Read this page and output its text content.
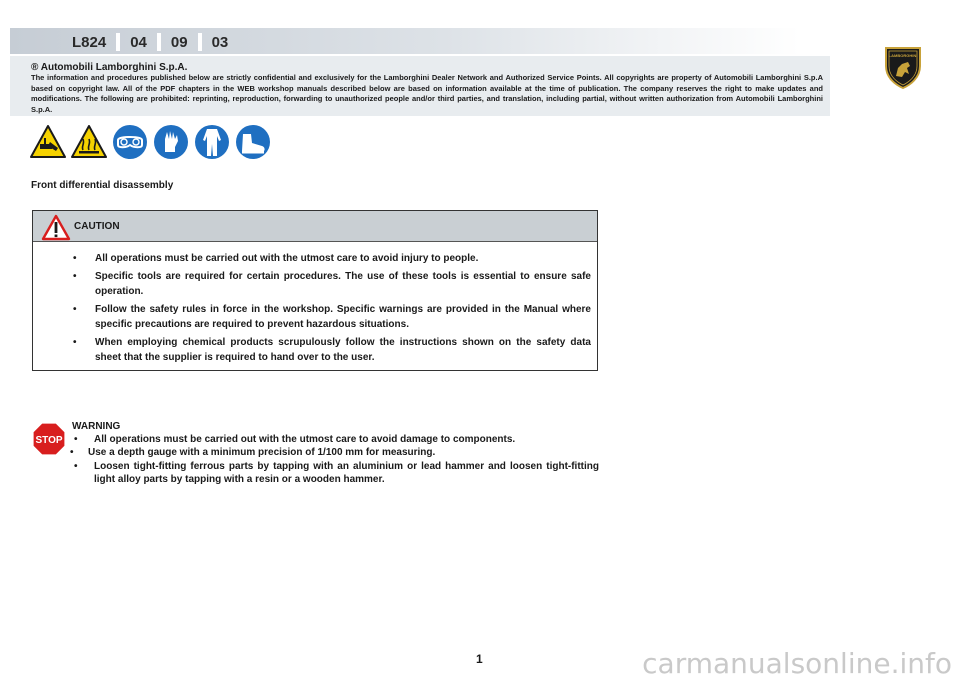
L824	04	09	03
® Automobili Lamborghini S.p.A.
The information and procedures published below are strictly confidential and exclusively for the Lamborghini Dealer Network and Authorized Service Points. All copyrights are property of Automobili Lamborghini S.p.A based on copyright law. All of the PDF chapters in the WEB workshop manuals described below are based on information available at the time of publication. The company reserves the right to make updates and modifications. The following are prohibited: reprinting, reproduction, forwarding to unauthorized people and/or third parties, and translation, including partial, without written authorization from Automobili Lamborghini S.p.A.
LAMBORGHINI
Front differential disassembly
CAUTION
• All operations must be carried out with the utmost care to avoid injury to people.
• Specific tools are required for certain procedures. The use of these tools is essential to ensure safe operation.
• Follow the safety rules in force in the workshop. Specific warnings are provided in the Manual where specific precautions are required to prevent hazardous situations.
• When employing chemical products scrupulously follow the instructions shown on the safety data sheet that the supplier is required to hand over to the user.
STOP
WARNING
• All operations must be carried out with the utmost care to avoid damage to components.
• Use a depth gauge with a minimum precision of 1/100 mm for measuring.
• Loosen tight-fitting ferrous parts by tapping with an aluminium or lead hammer and loosen tight-fitting light alloy parts by tapping with a resin or a wooden hammer.
1	carmanualsonline.info
